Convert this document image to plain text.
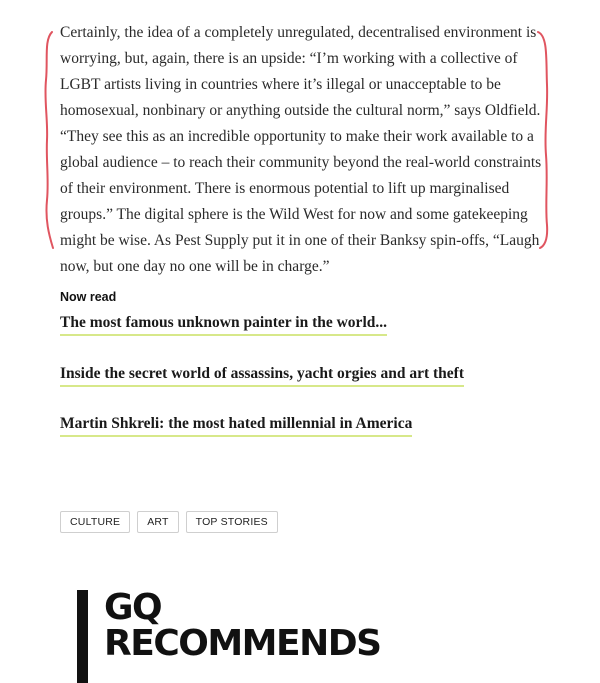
Certainly, the idea of a completely unregulated, decentralised environment is worrying, but, again, there is an upside: “I’m working with a collective of LGBT artists living in countries where it’s illegal or unacceptable to be homosexual, nonbinary or anything outside the cultural norm,” says Oldfield. “They see this as an incredible opportunity to make their work available to a global audience – to reach their community beyond the real-world constraints of their environment. There is enormous potential to lift up marginalised groups.” The digital sphere is the Wild West for now and some gatekeeping might be wise. As Pest Supply put it in one of their Banksy spin-offs, “Laugh now, but one day no one will be in charge.”

Now read
The most famous unknown painter in the world...
Inside the secret world of assassins, yacht orgies and art theft
Martin Shkreli: the most hated millennial in America
CULTURE	ART	TOP STORIES
GQ
RECOMMENDS
